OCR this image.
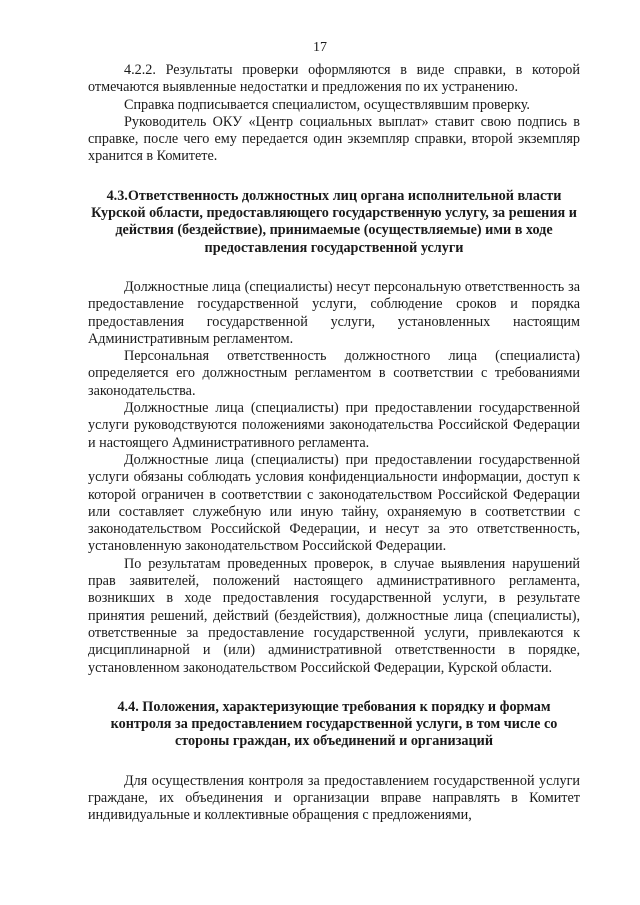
17

4.2.2. Результаты проверки оформляются в виде справки, в которой отмечаются выявленные недостатки и предложения по их устранению.

Справка подписывается специалистом, осуществлявшим проверку.

Руководитель ОКУ «Центр социальных выплат» ставит свою подпись в справке, после чего ему передается один экземпляр справки, второй экземпляр хранится в Комитете.

4.3.Ответственность должностных лиц органа исполнительной власти Курской области, предоставляющего государственную услугу, за решения и действия (бездействие), принимаемые (осуществляемые) ими в ходе предоставления государственной услуги

Должностные лица (специалисты) несут персональную ответственность за предоставление государственной услуги, соблюдение сроков и порядка предоставления государственной услуги, установленных настоящим Административным регламентом.

Персональная ответственность должностного лица (специалиста) определяется его должностным регламентом в соответствии с требованиями законодательства.

Должностные лица (специалисты) при предоставлении государственной услуги руководствуются положениями законодательства Российской Федерации и настоящего Административного регламента.

Должностные лица (специалисты) при предоставлении государственной услуги обязаны соблюдать условия конфиденциальности информации, доступ к которой ограничен в соответствии с законодательством Российской Федерации или составляет служебную или иную тайну, охраняемую в соответствии с законодательством Российской Федерации, и несут за это ответственность, установленную законодательством Российской Федерации.

По результатам проведенных проверок, в случае выявления нарушений прав заявителей, положений настоящего административного регламента, возникших в ходе предоставления государственной услуги, в результате принятия решений, действий (бездействия), должностные лица (специалисты), ответственные за предоставление государственной услуги, привлекаются к дисциплинарной и (или) административной ответственности в порядке, установленном законодательством Российской Федерации, Курской области.

4.4. Положения, характеризующие требования к порядку и формам контроля за предоставлением государственной услуги, в том числе со стороны граждан, их объединений и организаций

Для осуществления контроля за предоставлением государственной услуги граждане, их объединения и организации вправе направлять в Комитет индивидуальные и коллективные обращения с предложениями,
